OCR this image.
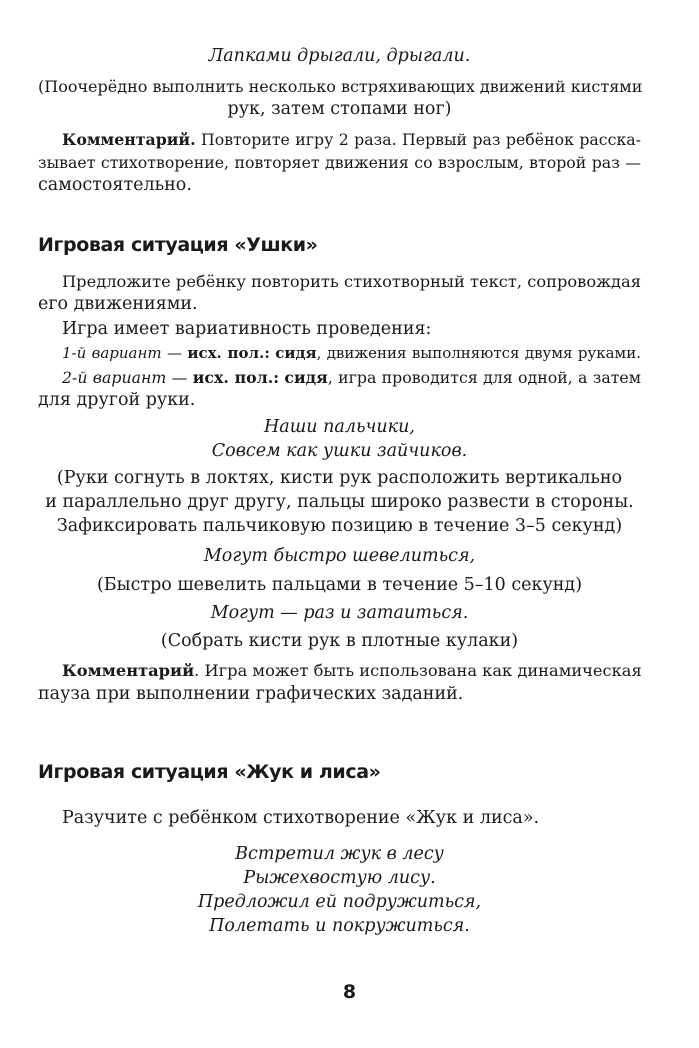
Лапками дрыгали, дрыгали.
(Поочерёдно выполнить несколько встряхивающих движений кистями
рук, затем стопами ног)
Комментарий. Повторите игру 2 раза. Первый раз ребёнок расска-
зывает стихотворение, повторяет движения со взрослым, второй раз —
самостоятельно.
Игровая ситуация «Ушки»
Предложите ребёнку повторить стихотворный текст, сопровождая
его движениями.
Игра имеет вариативность проведения:
1-й вариант — исх. пол.: сидя, движения выполняются двумя руками.
2-й вариант — исх. пол.: сидя, игра проводится для одной, а затем
для другой руки.
Наши пальчики,
Совсем как ушки зайчиков.
(Руки согнуть в локтях, кисти рук расположить вертикально
и параллельно друг другу, пальцы широко развести в стороны.
Зафиксировать пальчиковую позицию в течение 3–5 секунд)
Могут быстро шевелиться,
(Быстро шевелить пальцами в течение 5–10 секунд)
Могут — раз и затаиться.
(Собрать кисти рук в плотные кулаки)
Комментарий. Игра может быть использована как динамическая
пауза при выполнении графических заданий.
Игровая ситуация «Жук и лиса»
Разучите с ребёнком стихотворение «Жук и лиса».
Встретил жук в лесу
Рыжехвостую лису.
Предложил ей подружиться,
Полетать и покружиться.
8
